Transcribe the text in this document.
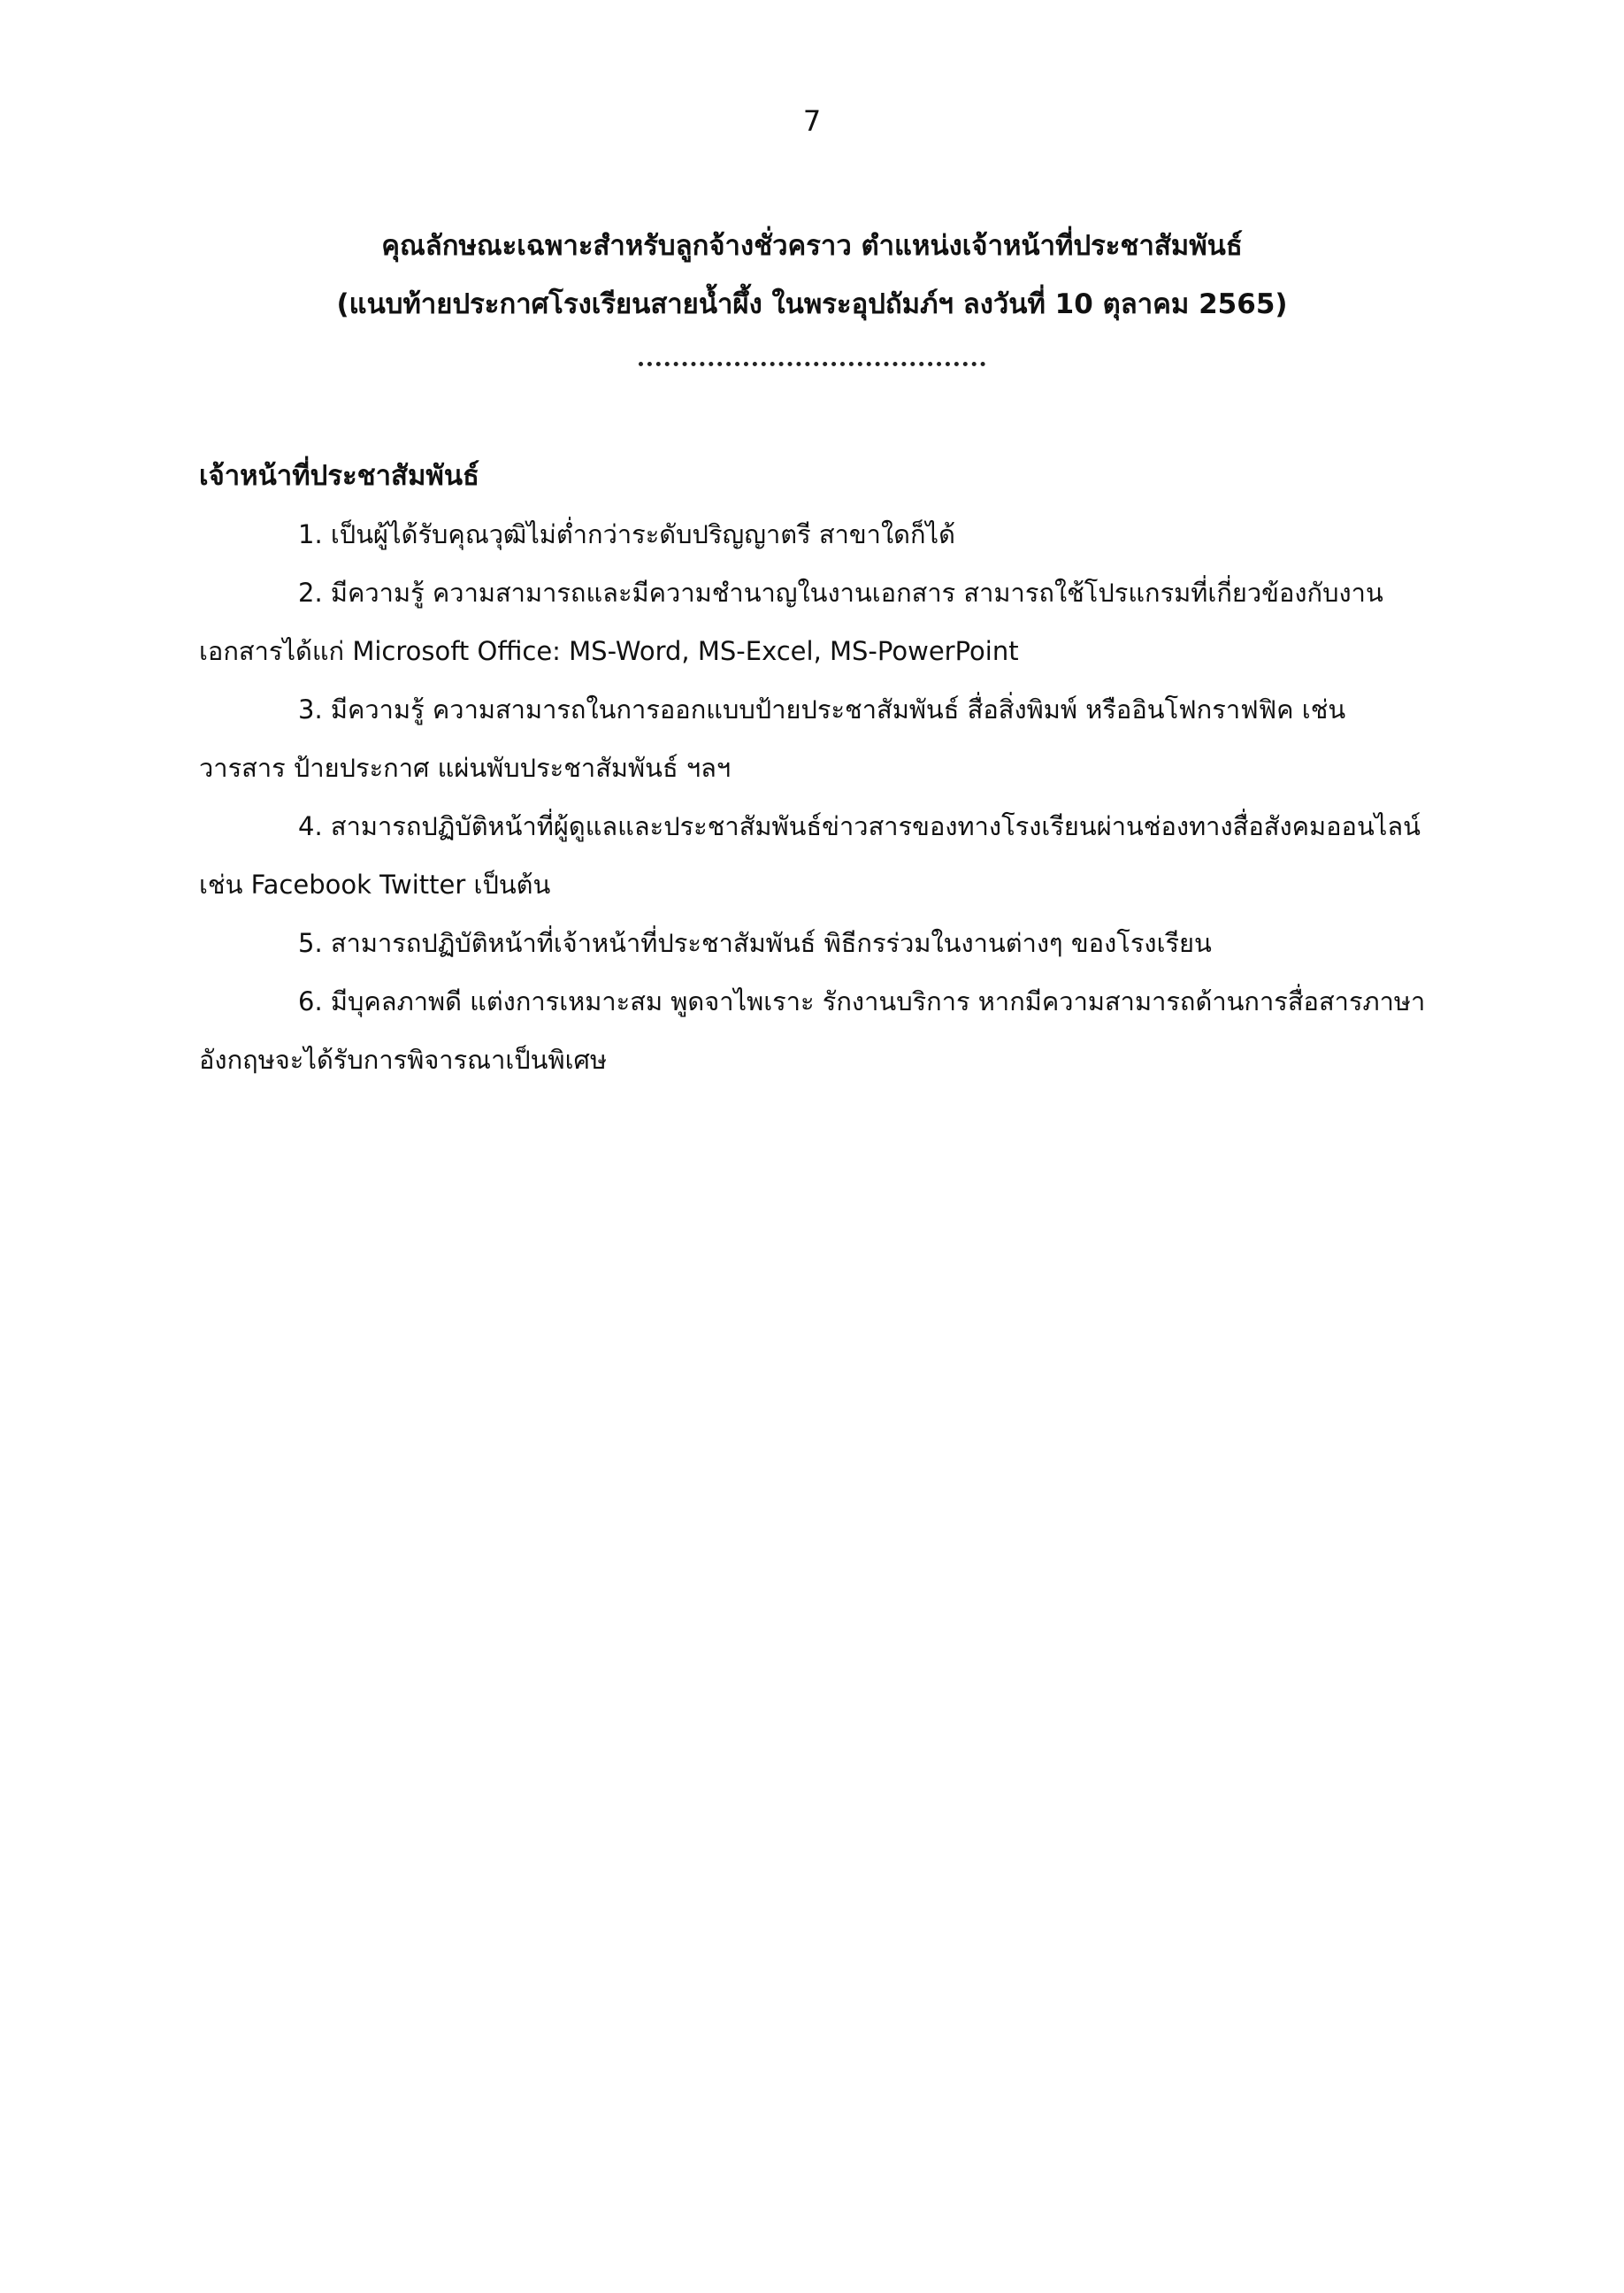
7
คุณลักษณะเฉพาะสำหรับลูกจ้างชั่วคราว ตำแหน่งเจ้าหน้าที่ประชาสัมพันธ์
(แนบท้ายประกาศโรงเรียนสายน้ำผึ้ง ในพระอุปถัมภ์ฯ ลงวันที่ 10 ตุลาคม 2565)

เจ้าหน้าที่ประชาสัมพันธ์

1. เป็นผู้ได้รับคุณวุฒิไม่ต่ำกว่าระดับปริญญาตรี สาขาใดก็ได้

2. มีความรู้ ความสามารถและมีความชำนาญในงานเอกสาร สามารถใช้โปรแกรมที่เกี่ยวข้องกับงานเอกสารได้แก่ Microsoft Office: MS-Word, MS-Excel, MS-PowerPoint

3. มีความรู้ ความสามารถในการออกแบบป้ายประชาสัมพันธ์ สื่อสิ่งพิมพ์ หรืออินโฟกราฟฟิค เช่น วารสาร ป้ายประกาศ แผ่นพับประชาสัมพันธ์ ฯลฯ

4. สามารถปฏิบัติหน้าที่ผู้ดูแลและประชาสัมพันธ์ข่าวสารของทางโรงเรียนผ่านช่องทางสื่อสังคมออนไลน์ เช่น Facebook Twitter เป็นต้น

5. สามารถปฏิบัติหน้าที่เจ้าหน้าที่ประชาสัมพันธ์ พิธีกรร่วมในงานต่างๆ ของโรงเรียน

6. มีบุคลภาพดี แต่งการเหมาะสม พูดจาไพเราะ รักงานบริการ หากมีความสามารถด้านการสื่อสารภาษาอังกฤษจะได้รับการพิจารณาเป็นพิเศษ
